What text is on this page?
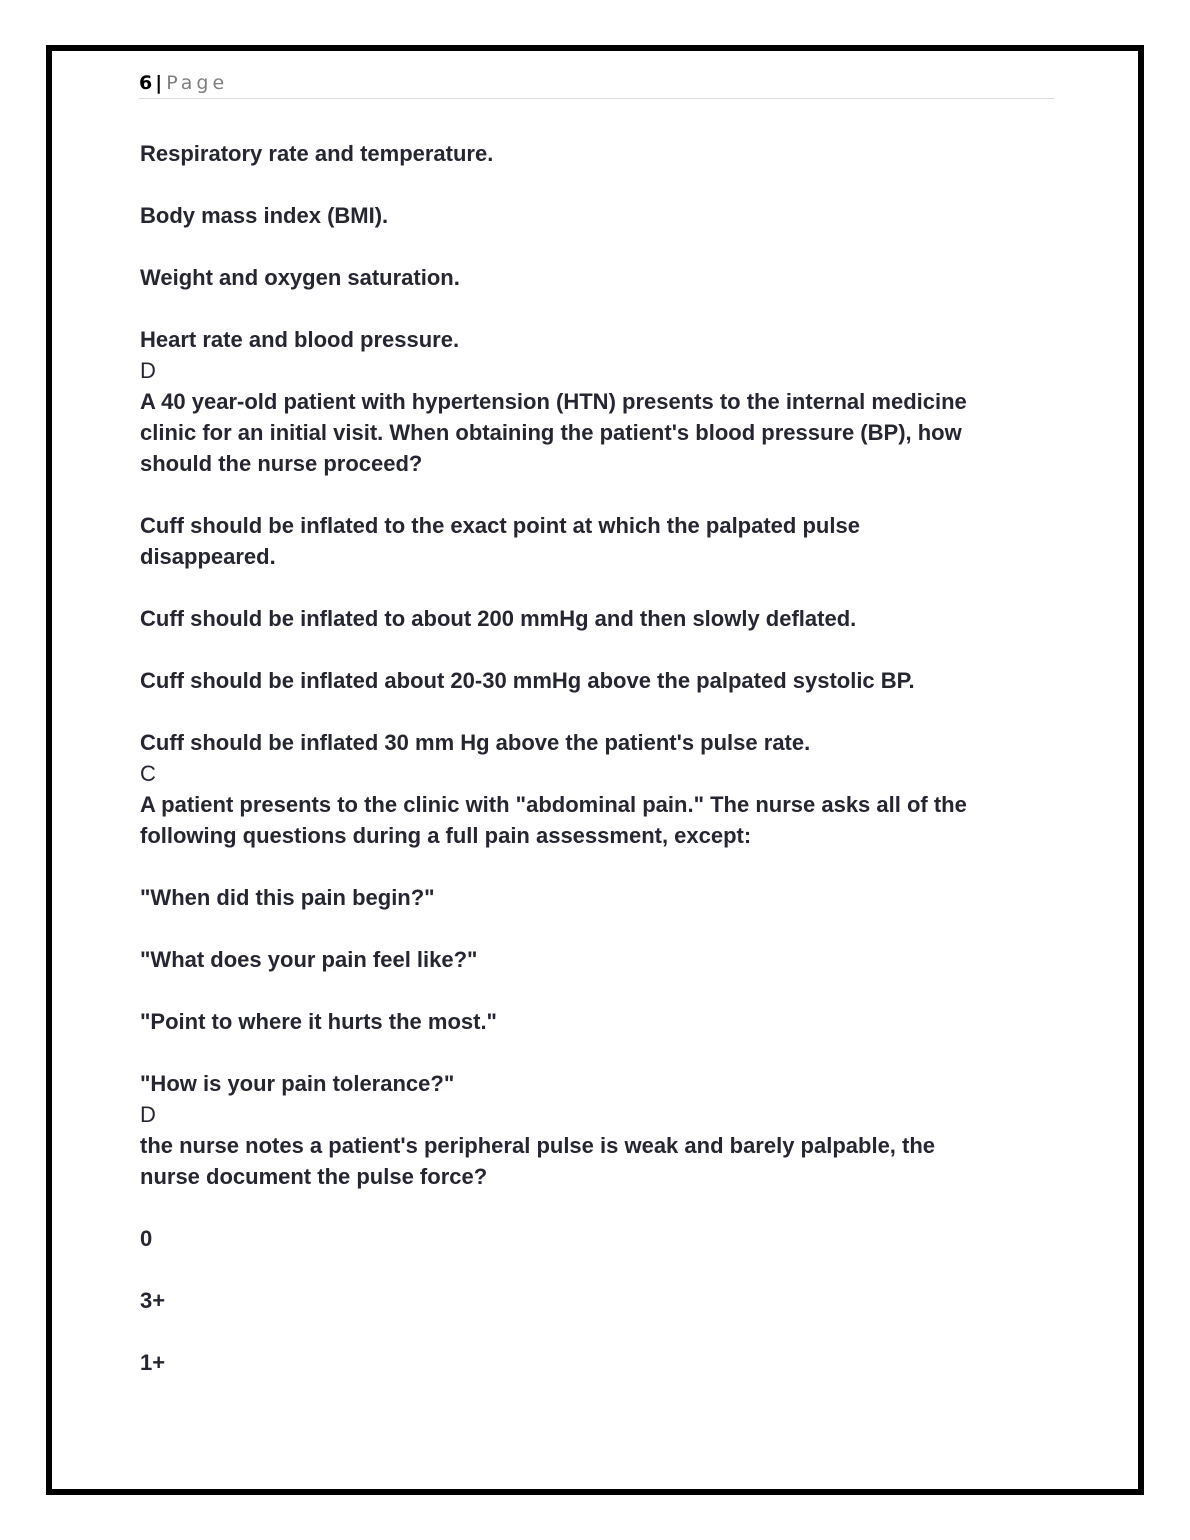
6 | Page
Respiratory rate and temperature.
Body mass index (BMI).
Weight and oxygen saturation.
Heart rate and blood pressure.
D
A 40 year-old patient with hypertension (HTN) presents to the internal medicine
clinic for an initial visit. When obtaining the patient's blood pressure (BP), how
should the nurse proceed?
Cuff should be inflated to the exact point at which the palpated pulse
disappeared.
Cuff should be inflated to about 200 mmHg and then slowly deflated.
Cuff should be inflated about 20-30 mmHg above the palpated systolic BP.
Cuff should be inflated 30 mm Hg above the patient's pulse rate.
C
A patient presents to the clinic with "abdominal pain." The nurse asks all of the
following questions during a full pain assessment, except:
"When did this pain begin?"
"What does your pain feel like?"
"Point to where it hurts the most."
"How is your pain tolerance?"
D
the nurse notes a patient's peripheral pulse is weak and barely palpable, the
nurse document the pulse force?
0
3+
1+
